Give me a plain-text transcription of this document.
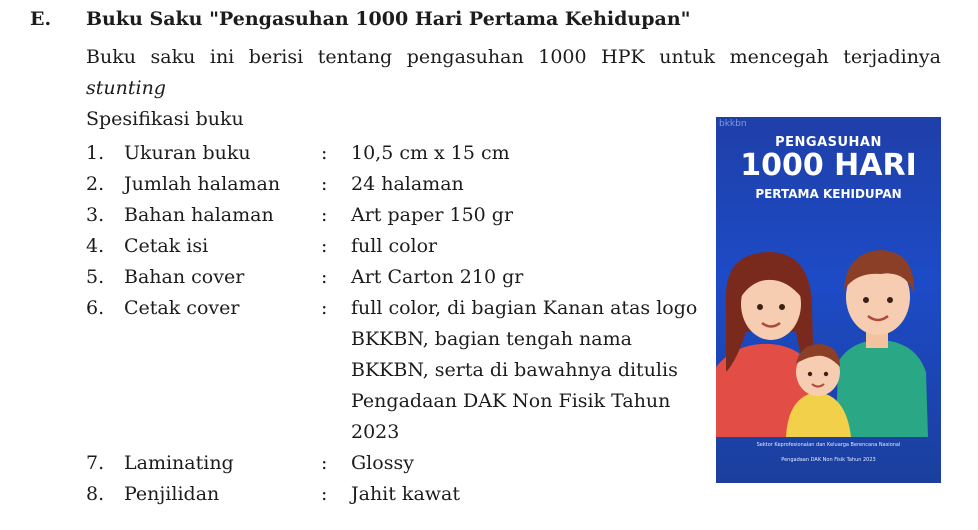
E. Buku Saku "Pengasuhan 1000 Hari Pertama Kehidupan"
Buku saku ini berisi tentang pengasuhan 1000 HPK untuk mencegah terjadinya stunting
Spesifikasi buku
1. Ukuran buku	: 10,5 cm x 15 cm
2. Jumlah halaman : 24 halaman
3. Bahan halaman : Art paper 150 gr
4. Cetak isi	: full color
5. Bahan cover	: Art Carton 210 gr
6. Cetak cover	: full color, di bagian Kanan atas logo BKKBN, bagian tengah nama BKKBN, serta di bawahnya ditulis Pengadaan DAK Non Fisik Tahun 2023
7. Laminating	: Glossy
8. Penjilidan	: Jahit kawat
bkkbn
PENGASUHAN
1000 HARI
PERTAMA KEHIDUPAN
Sektor Keprofesionalan dan Keluarga Berencana Nasional
Pengadaan DAK Non Fisik Tahun 2023
